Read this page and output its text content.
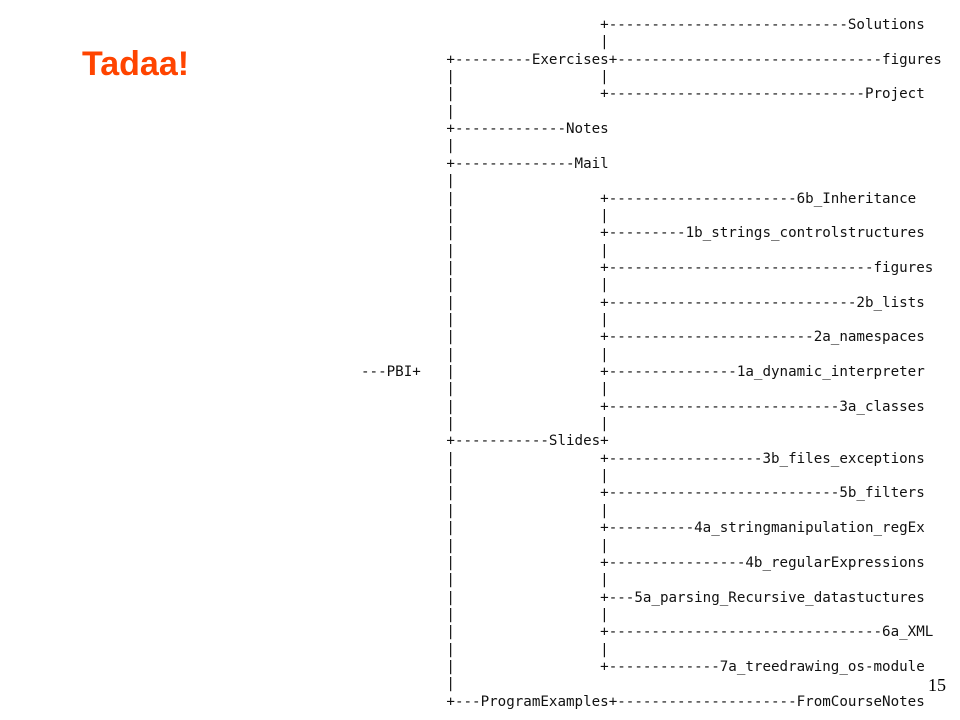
Tadaa!
+----------------------------Solutions
|
+---------Exercises+-------------------------------figures
|                 |
|                 +------------------------------Project
|
+-------------Notes
|
+--------------Mail
|
|                 +----------------------6b_Inheritance
|                 |
|                 +---------1b_strings_controlstructures
|                 |
|                 +-------------------------------figures
|                 |
|                 +-----------------------------2b_lists
|                 |
|                 +------------------------2a_namespaces
|                 |
---PBI+   |                 +---------------1a_dynamic_interpreter
|                 |
|                 +---------------------------3a_classes
|                 |
+-----------Slides+
|                 +------------------3b_files_exceptions
|                 |
|                 +---------------------------5b_filters
|                 |
|                 +----------4a_stringmanipulation_regEx
|                 |
|                 +----------------4b_regularExpressions
|                 |
|                 +---5a_parsing_Recursive_datastuctures
|                 |
|                 +--------------------------------6a_XML
|                 |
|                 +-------------7a_treedrawing_os-module
|
+---ProgramExamples+---------------------FromCourseNotes
15
